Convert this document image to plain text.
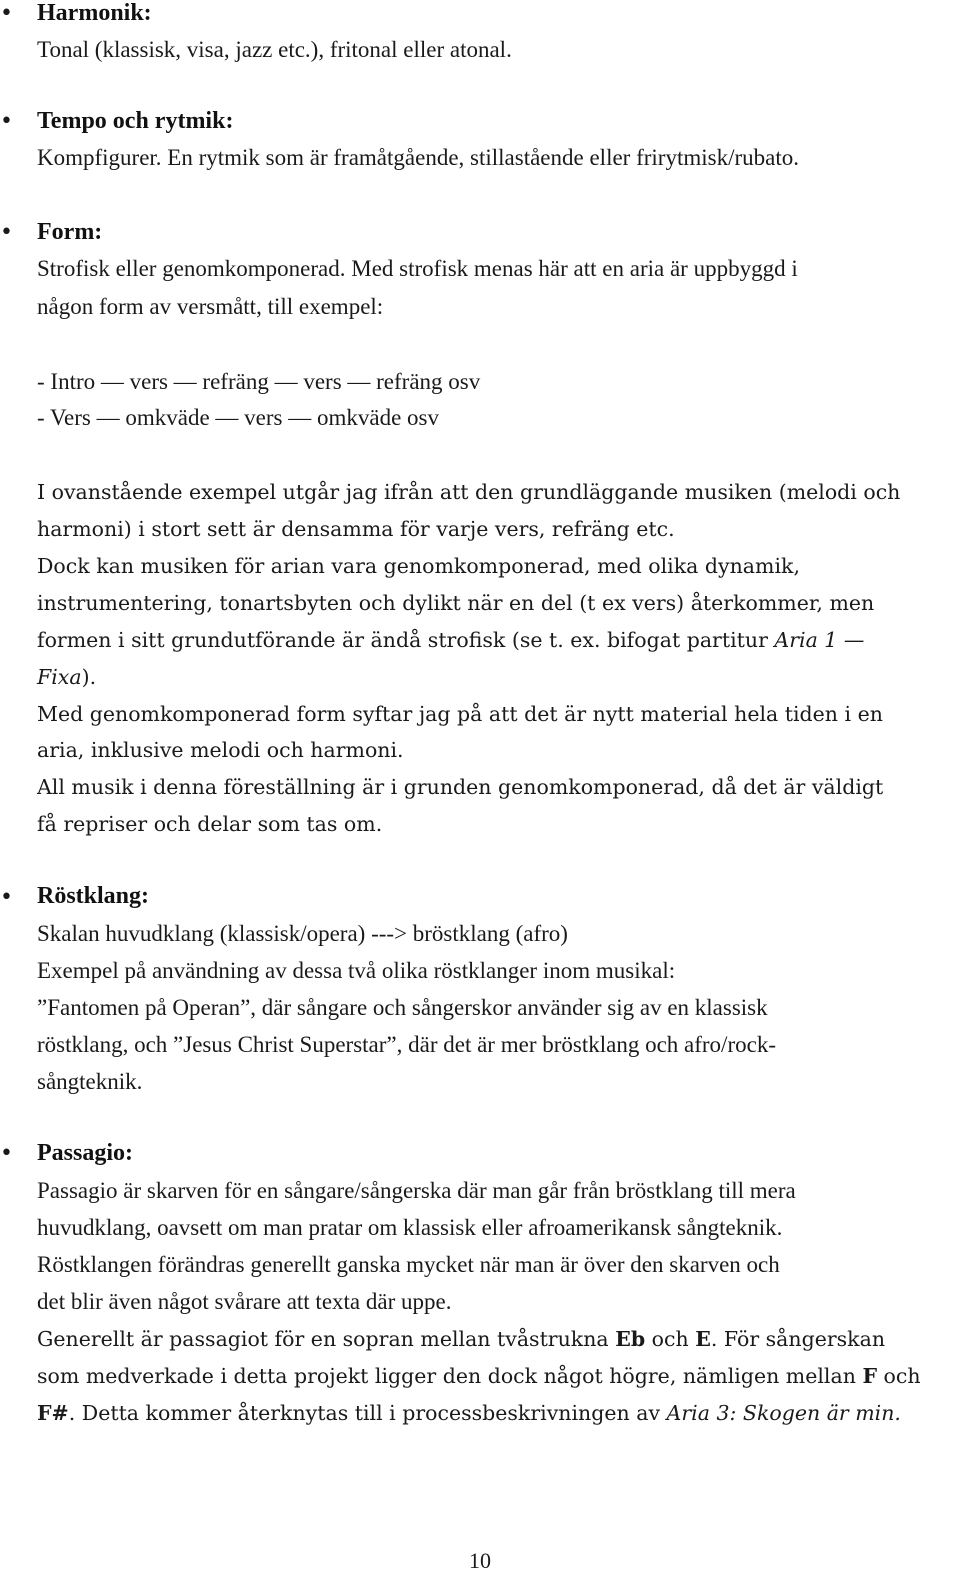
• Harmonik:
Tonal (klassisk, visa, jazz etc.), fritonal eller atonal.
• Tempo och rytmik:
Kompfigurer. En rytmik som är framåtgående, stillastående eller frirytmisk/rubato.
• Form:
Strofisk eller genomkomponerad. Med strofisk menas här att en aria är uppbyggd i
någon form av versmått, till exempel:
- Intro — vers — refräng — vers — refräng osv
- Vers — omkväde — vers — omkväde osv
I ovanstående exempel utgår jag ifrån att den grundläggande musiken (melodi och
harmoni) i stort sett är densamma för varje vers, refräng etc.
Dock kan musiken för arian vara genomkomponerad, med olika dynamik,
instrumentering, tonartsbyten och dylikt när en del (t ex vers) återkommer, men
formen i sitt grundutförande är ändå strofisk (se t. ex. bifogat partitur Aria 1 —
Fixa).
Med genomkomponerad form syftar jag på att det är nytt material hela tiden i en
aria, inklusive melodi och harmoni.
All musik i denna föreställning är i grunden genomkomponerad, då det är väldigt
få repriser och delar som tas om.
• Röstklang:
Skalan huvudklang (klassisk/opera) ---> bröstklang (afro)
Exempel på användning av dessa två olika röstklanger inom musikal:
”Fantomen på Operan”, där sångare och sångerskor använder sig av en klassisk
röstklang, och ”Jesus Christ Superstar”, där det är mer bröstklang och afro/rock-
sångteknik.
• Passagio:
Passagio är skarven för en sångare/sångerska där man går från bröstklang till mera
huvudklang, oavsett om man pratar om klassisk eller afroamerikansk sångteknik.
Röstklangen förändras generellt ganska mycket när man är över den skarven och
det blir även något svårare att texta där uppe.
Generellt är passagiot för en sopran mellan tvåstrukna Eb och E. För sångerskan
som medverkade i detta projekt ligger den dock något högre, nämligen mellan F och
F#. Detta kommer återknytas till i processbeskrivningen av Aria 3: Skogen är min.
10
